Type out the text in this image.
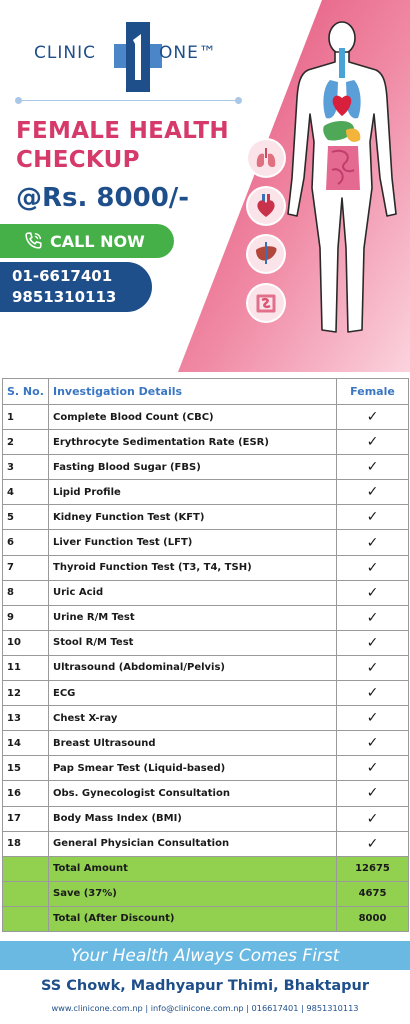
CLINIC	ONE™
FEMALE HEALTH
CHECKUP
@Rs. 8000/-
CALL NOW
01-6617401
9851310113
S. No.	Investigation Details	Female
1	Complete Blood Count (CBC)	✓
2	Erythrocyte Sedimentation Rate (ESR)	✓
3	Fasting Blood Sugar (FBS)	✓
4	Lipid Profile	✓
5	Kidney Function Test (KFT)	✓
6	Liver Function Test (LFT)	✓
7	Thyroid Function Test (T3, T4, TSH)	✓
8	Uric Acid	✓
9	Urine R/M Test	✓
10	Stool R/M Test	✓
11	Ultrasound (Abdominal/Pelvis)	✓
12	ECG	✓
13	Chest X-ray	✓
14	Breast Ultrasound	✓
15	Pap Smear Test (Liquid-based)	✓
16	Obs. Gynecologist Consultation	✓
17	Body Mass Index (BMI)	✓
18	General Physician Consultation	✓
	Total Amount	12675
	Save (37%)	4675
	Total (After Discount)	8000
Your Health Always Comes First
SS Chowk, Madhyapur Thimi, Bhaktapur
www.clinicone.com.np | info@clinicone.com.np | 016617401 | 9851310113
